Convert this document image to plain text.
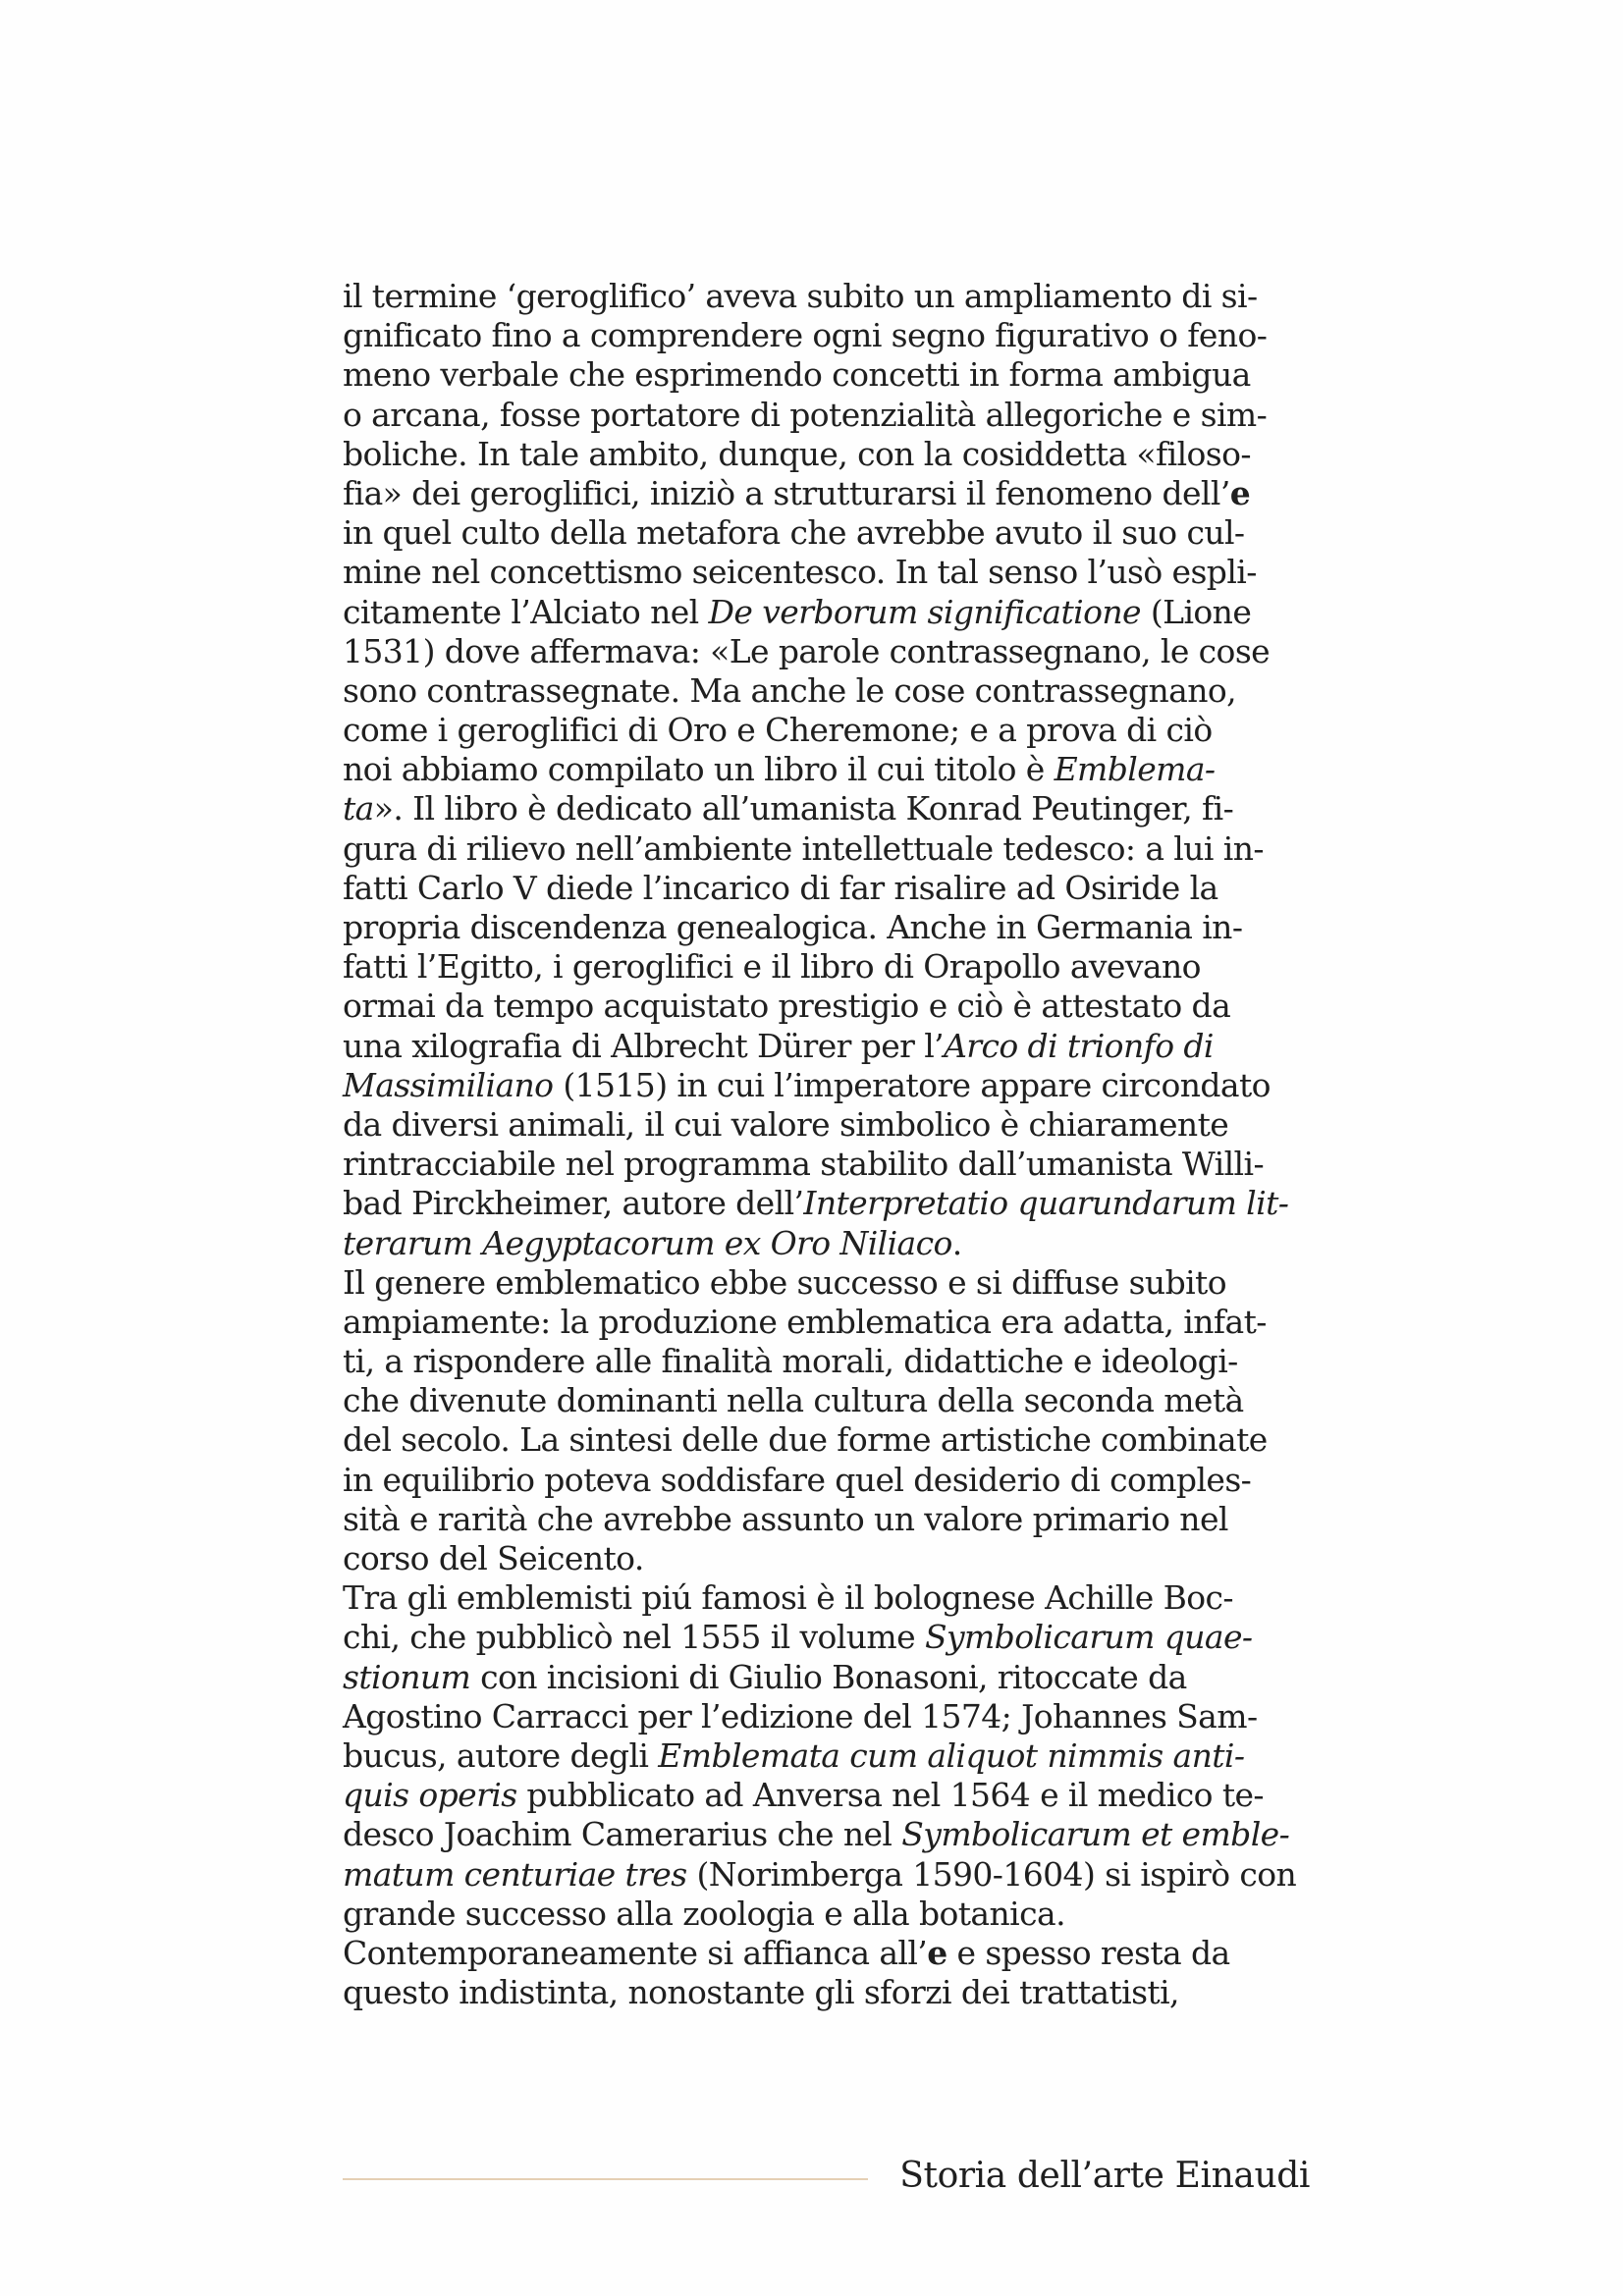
il termine ‘geroglifico’ aveva subito un ampliamento di si-
gnificato fino a comprendere ogni segno figurativo o feno-
meno verbale che esprimendo concetti in forma ambigua
o arcana, fosse portatore di potenzialità allegoriche e sim-
boliche. In tale ambito, dunque, con la cosiddetta «filoso-
fia» dei geroglifici, iniziò a strutturarsi il fenomeno dell’e
in quel culto della metafora che avrebbe avuto il suo cul-
mine nel concettismo seicentesco. In tal senso l’usò espli-
citamente l’Alciato nel De verborum significatione (Lione
1531) dove affermava: «Le parole contrassegnano, le cose
sono contrassegnate. Ma anche le cose contrassegnano,
come i geroglifici di Oro e Cheremone; e a prova di ciò
noi abbiamo compilato un libro il cui titolo è Emblema-
ta». Il libro è dedicato all’umanista Konrad Peutinger, fi-
gura di rilievo nell’ambiente intellettuale tedesco: a lui in-
fatti Carlo V diede l’incarico di far risalire ad Osiride la
propria discendenza genealogica. Anche in Germania in-
fatti l’Egitto, i geroglifici e il libro di Orapollo avevano
ormai da tempo acquistato prestigio e ciò è attestato da
una xilografia di Albrecht Dürer per l’Arco di trionfo di
Massimiliano (1515) in cui l’imperatore appare circondato
da diversi animali, il cui valore simbolico è chiaramente
rintracciabile nel programma stabilito dall’umanista Willi-
bad Pirckheimer, autore dell’Interpretatio quarundarum lit-
terarum Aegyptacorum ex Oro Niliaco.
Il genere emblematico ebbe successo e si diffuse subito
ampiamente: la produzione emblematica era adatta, infat-
ti, a rispondere alle finalità morali, didattiche e ideologi-
che divenute dominanti nella cultura della seconda metà
del secolo. La sintesi delle due forme artistiche combinate
in equilibrio poteva soddisfare quel desiderio di comples-
sità e rarità che avrebbe assunto un valore primario nel
corso del Seicento.
Tra gli emblemisti piú famosi è il bolognese Achille Boc-
chi, che pubblicò nel 1555 il volume Symbolicarum quae-
stionum con incisioni di Giulio Bonasoni, ritoccate da
Agostino Carracci per l’edizione del 1574; Johannes Sam-
bucus, autore degli Emblemata cum aliquot nimmis anti-
quis operis pubblicato ad Anversa nel 1564 e il medico te-
desco Joachim Camerarius che nel Symbolicarum et emble-
matum centuriae tres (Norimberga 1590-1604) si ispirò con
grande successo alla zoologia e alla botanica.
Contemporaneamente si affianca all’e e spesso resta da
questo indistinta, nonostante gli sforzi dei trattatisti,
Storia dell’arte Einaudi
